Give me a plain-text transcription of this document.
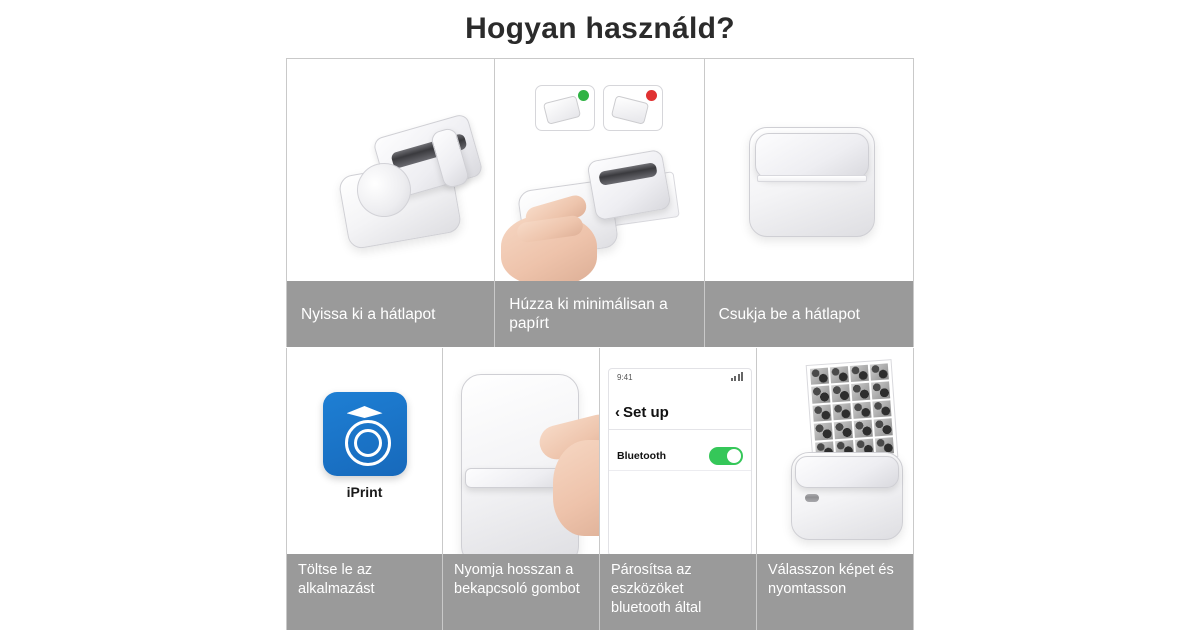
Hogyan használd?
Nyissa ki a hátlapot
Húzza ki minimálisan a papírt
Csukja be a hátlapot
iPrint
Töltse le az alkalmazást
Nyomja hosszan a bekapcsoló gombot
9:41
‹ Set up
Bluetooth
Párosítsa az eszközöket bluetooth által
Válasszon képet és nyomtasson
